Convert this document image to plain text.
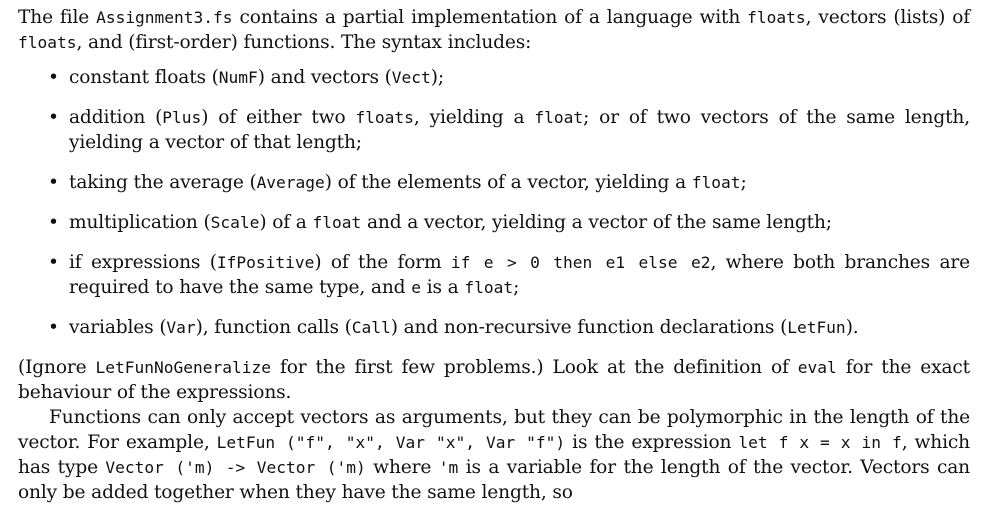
The file Assignment3.fs contains a partial implementation of a language with floats, vectors (lists) of floats, and (first-order) functions. The syntax includes:

• constant floats (NumF) and vectors (Vect);
• addition (Plus) of either two floats, yielding a float; or of two vectors of the same length, yielding a vector of that length;
• taking the average (Average) of the elements of a vector, yielding a float;
• multiplication (Scale) of a float and a vector, yielding a vector of the same length;
• if expressions (IfPositive) of the form if e > 0 then e1 else e2, where both branches are required to have the same type, and e is a float;
• variables (Var), function calls (Call) and non-recursive function declarations (LetFun).

(Ignore LetFunNoGeneralize for the first few problems.) Look at the definition of eval for the exact behaviour of the expressions.

Functions can only accept vectors as arguments, but they can be polymorphic in the length of the vector. For example, LetFun ("f", "x", Var "x", Var "f") is the expression let f x = x in f, which has type Vector ('m) -> Vector ('m) where 'm is a variable for the length of the vector. Vectors can only be added together when they have the same length, so
